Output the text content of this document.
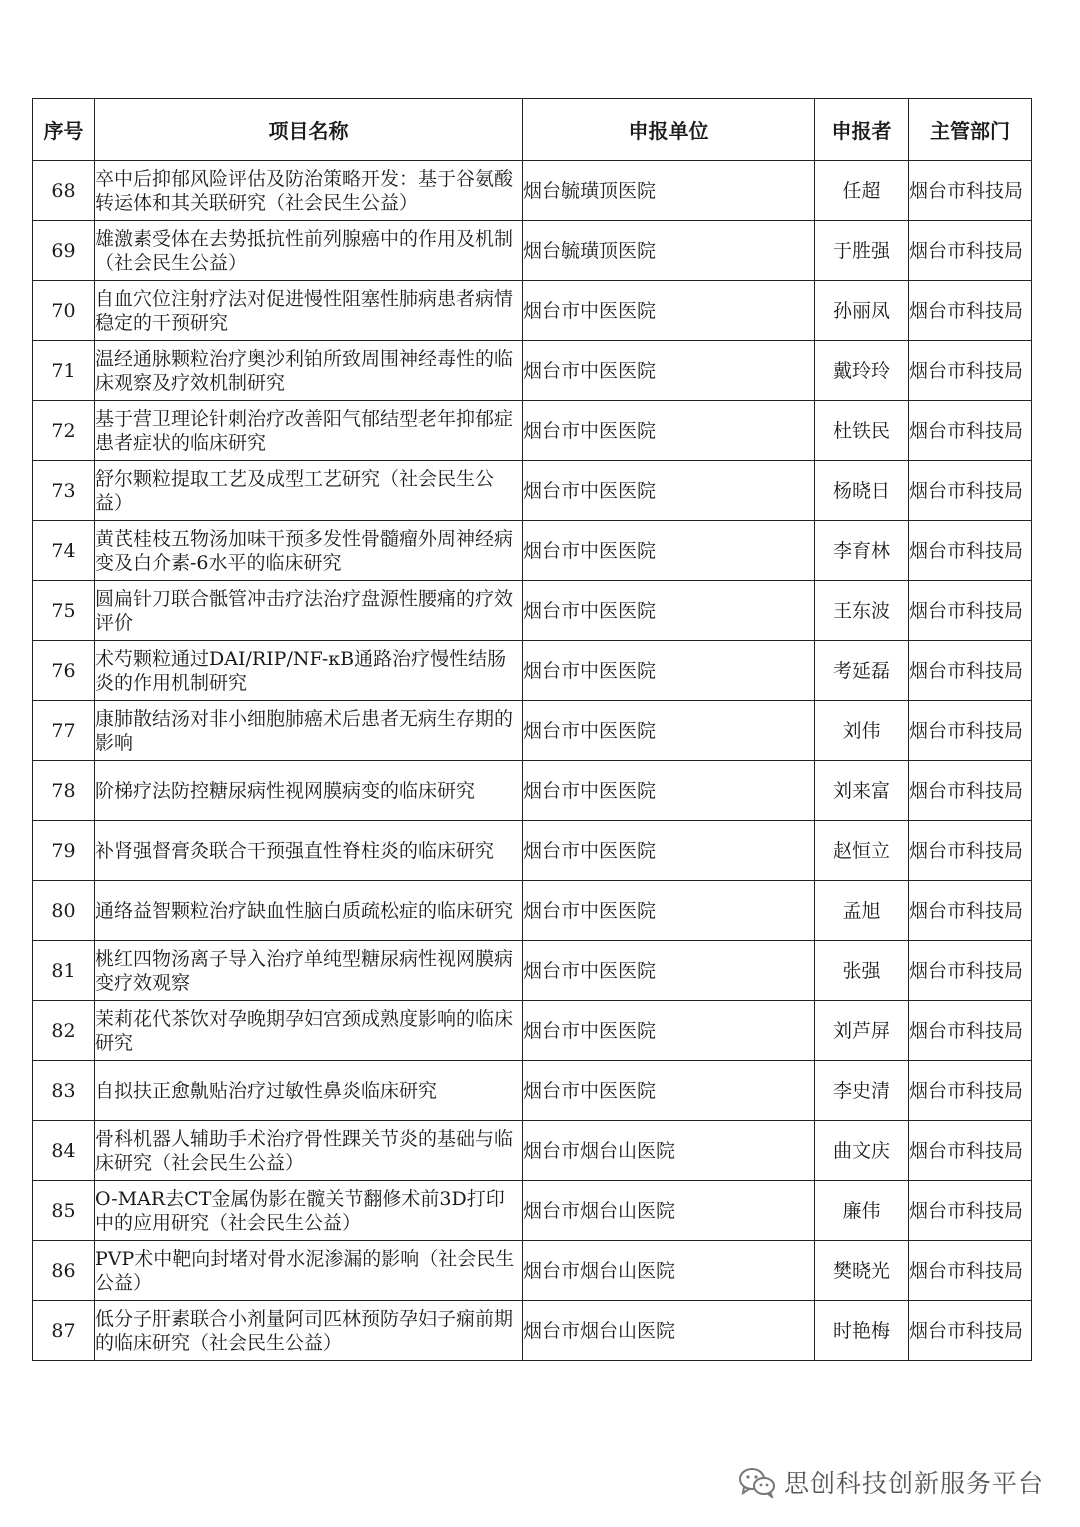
序号	项目名称	申报单位	申报者	主管部门
68	卒中后抑郁风险评估及防治策略开发：基于谷氨酸转运体和其关联研究（社会民生公益）	烟台毓璜顶医院	任超	烟台市科技局
69	雄激素受体在去势抵抗性前列腺癌中的作用及机制（社会民生公益）	烟台毓璜顶医院	于胜强	烟台市科技局
70	自血穴位注射疗法对促进慢性阻塞性肺病患者病情稳定的干预研究	烟台市中医医院	孙丽凤	烟台市科技局
71	温经通脉颗粒治疗奥沙利铂所致周围神经毒性的临床观察及疗效机制研究	烟台市中医医院	戴玲玲	烟台市科技局
72	基于营卫理论针刺治疗改善阳气郁结型老年抑郁症患者症状的临床研究	烟台市中医医院	杜铁民	烟台市科技局
73	舒尔颗粒提取工艺及成型工艺研究（社会民生公益）	烟台市中医医院	杨晓日	烟台市科技局
74	黄芪桂枝五物汤加味干预多发性骨髓瘤外周神经病变及白介素-6水平的临床研究	烟台市中医医院	李育林	烟台市科技局
75	圆扁针刀联合骶管冲击疗法治疗盘源性腰痛的疗效评价	烟台市中医医院	王东波	烟台市科技局
76	术芍颗粒通过DAI/RIP/NF-κB通路治疗慢性结肠炎的作用机制研究	烟台市中医医院	考延磊	烟台市科技局
77	康肺散结汤对非小细胞肺癌术后患者无病生存期的影响	烟台市中医医院	刘伟	烟台市科技局
78	阶梯疗法防控糖尿病性视网膜病变的临床研究	烟台市中医医院	刘来富	烟台市科技局
79	补肾强督膏灸联合干预强直性脊柱炎的临床研究	烟台市中医医院	赵恒立	烟台市科技局
80	通络益智颗粒治疗缺血性脑白质疏松症的临床研究	烟台市中医医院	孟旭	烟台市科技局
81	桃红四物汤离子导入治疗单纯型糖尿病性视网膜病变疗效观察	烟台市中医医院	张强	烟台市科技局
82	茉莉花代茶饮对孕晚期孕妇宫颈成熟度影响的临床研究	烟台市中医医院	刘芦屏	烟台市科技局
83	自拟扶正愈鼽贴治疗过敏性鼻炎临床研究	烟台市中医医院	李史清	烟台市科技局
84	骨科机器人辅助手术治疗骨性踝关节炎的基础与临床研究（社会民生公益）	烟台市烟台山医院	曲文庆	烟台市科技局
85	O-MAR去CT金属伪影在髋关节翻修术前3D打印中的应用研究（社会民生公益）	烟台市烟台山医院	廉伟	烟台市科技局
86	PVP术中靶向封堵对骨水泥渗漏的影响（社会民生公益）	烟台市烟台山医院	樊晓光	烟台市科技局
87	低分子肝素联合小剂量阿司匹林预防孕妇子痫前期的临床研究（社会民生公益）	烟台市烟台山医院	时艳梅	烟台市科技局
思创科技创新服务平台
